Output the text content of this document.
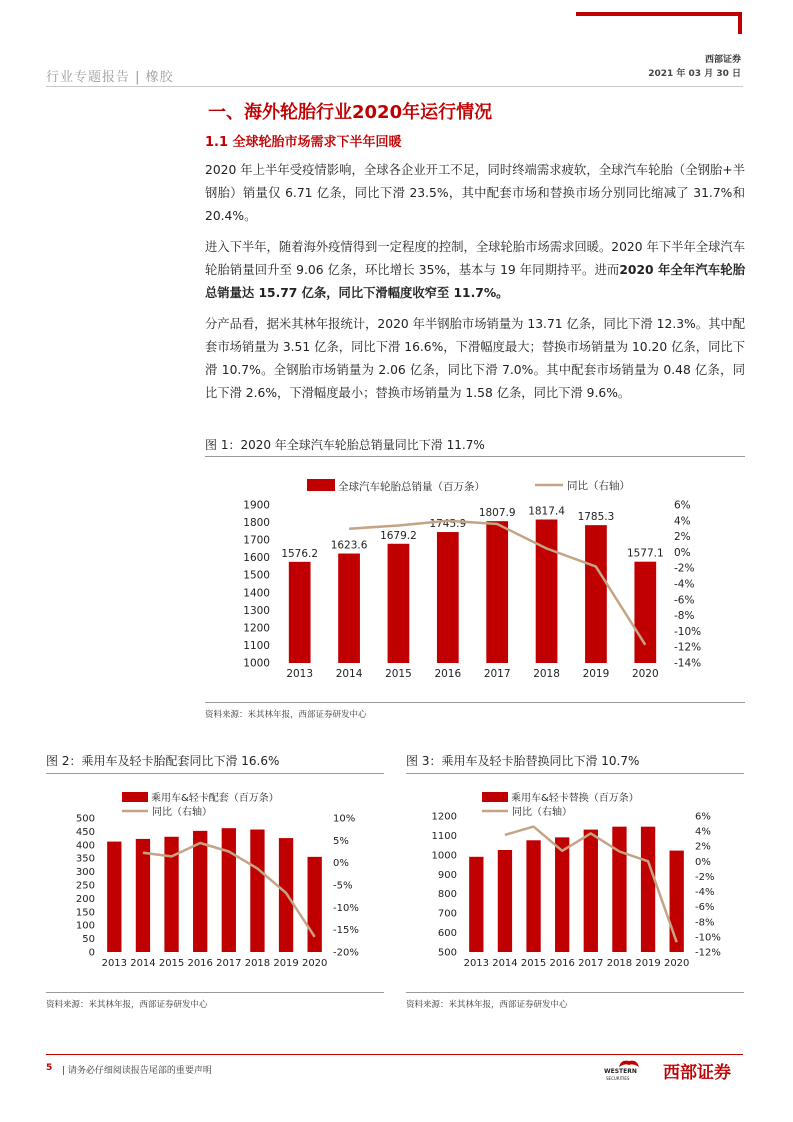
行业专题报告 | 橡胶
西部证券
2021 年 03 月 30 日
一、海外轮胎行业2020年运行情况
1.1 全球轮胎市场需求下半年回暖
2020 年上半年受疫情影响，全球各企业开工不足，同时终端需求疲软，全球汽车轮胎（全钢胎+半钢胎）销量仅 6.71 亿条，同比下滑 23.5%，其中配套市场和替换市场分别同比缩减了 31.7%和 20.4%。
进入下半年，随着海外疫情得到一定程度的控制，全球轮胎市场需求回暖。2020 年下半年全球汽车轮胎销量回升至 9.06 亿条，环比增长 35%，基本与 19 年同期持平。进而2020 年全年汽车轮胎总销量达 15.77 亿条，同比下滑幅度收窄至 11.7%。
分产品看，据米其林年报统计，2020 年半钢胎市场销量为 13.71 亿条，同比下滑 12.3%。其中配套市场销量为 3.51 亿条，同比下滑 16.6%，下滑幅度最大；替换市场销量为 10.20 亿条，同比下滑 10.7%。全钢胎市场销量为 2.06 亿条，同比下滑 7.0%。其中配套市场销量为 0.48 亿条，同比下滑 2.6%，下滑幅度最小；替换市场销量为 1.58 亿条，同比下滑 9.6%。
图 1：2020 年全球汽车轮胎总销量同比下滑 11.7%
全球汽车轮胎总销量（百万条）	同比（右轴）
1000
1100
1200
1300
1400
1500
1600
1700
1800
1900
-14%
-12%
-10%
-8%
-6%
-4%
-2%
0%
2%
4%
6%
1576.2
2013
1623.6
2014
1679.2
2015
1745.9
2016
1807.9
2017
1817.4
2018
1785.3
2019
1577.1
2020
资料来源：米其林年报，西部证券研发中心
图 2：乘用车及轻卡胎配套同比下滑 16.6%
乘用车&轻卡配套（百万条）
同比（右轴）
0
50
100
150
200
250
300
350
400
450
500
-20%
-15%
-10%
-5%
0%
5%
10%
2013 2014 2015 2016 2017 2018 2019 2020
资料来源：米其林年报，西部证券研发中心
图 3：乘用车及轻卡胎替换同比下滑 10.7%
乘用车&轻卡替换（百万条）
同比（右轴）
500
600
700
800
900
1000
1100
1200
-12%
-10%
-8%
-6%
-4%
-2%
0%
2%
4%
6%
2013 2014 2015 2016 2017 2018 2019 2020
资料来源：米其林年报，西部证券研发中心
5 | 请务必仔细阅读报告尾部的重要声明	WESTERN
SECURITIES 西部证券
